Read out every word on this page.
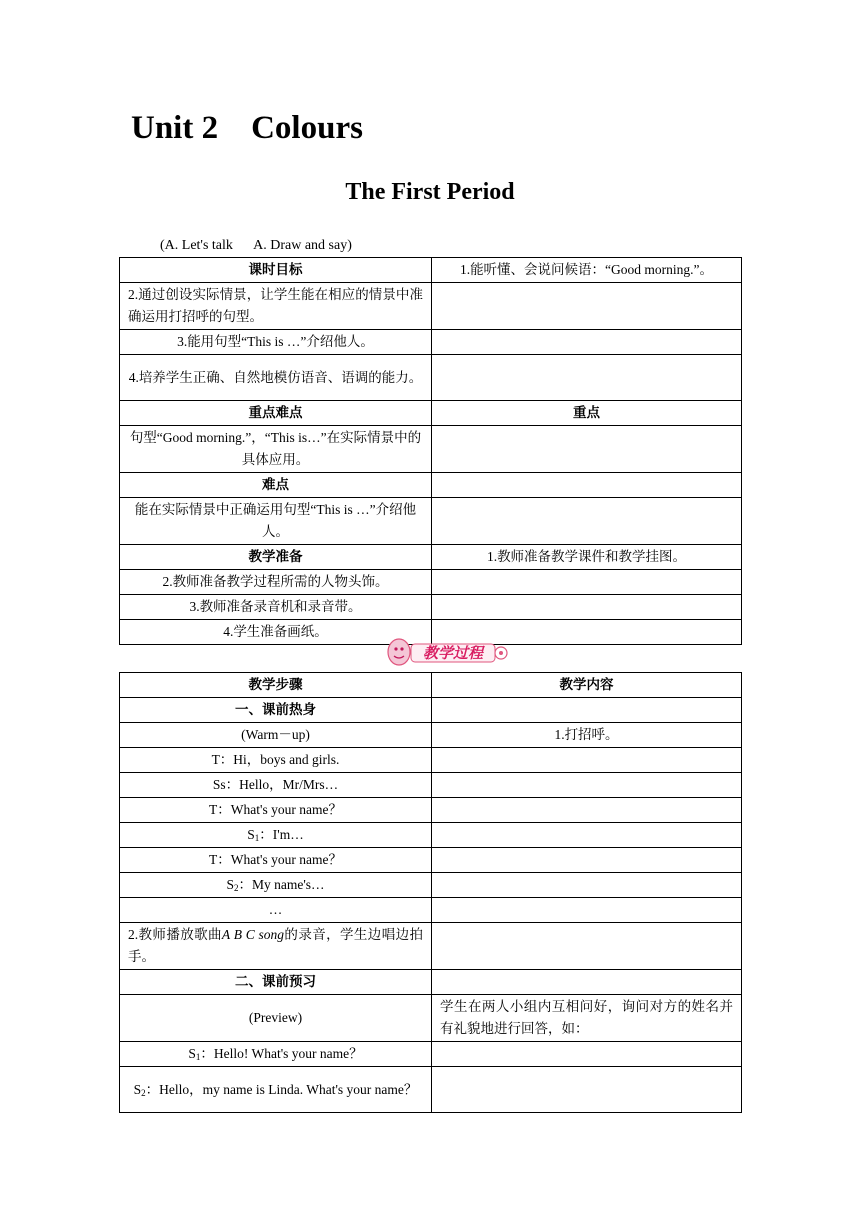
Unit 2    Colours
The First Period
(A. Let's talk      A. Draw and say)
课时目标	1.能听懂、会说问候语：“Good morning.”。
2.通过创设实际情景，让学生能在相应的情景中准确运用打招呼的句型。	
3.能用句型“This is …”介绍他人。	
4.培养学生正确、自然地模仿语音、语调的能力。	
重点难点	重点
句型“Good morning.”，“This is…”在实际情景中的具体应用。	
难点	
能在实际情景中正确运用句型“This is …”介绍他人。	
教学准备	1.教师准备教学课件和教学挂图。
2.教师准备教学过程所需的人物头饰。	
3.教师准备录音机和录音带。	
4.学生准备画纸。	
教学过程
教学步骤	教学内容
一、课前热身	
(Warm－up)	1.打招呼。
T：Hi，boys and girls.	
Ss：Hello，Mr/Mrs…	
T：What's your name？	
$S_1$：I'm…	
T：What's your name？	
$S_2$：My name's…	
…	
2.教师播放歌曲A B C song的录音，学生边唱边拍手。	
二、课前预习	
(Preview)	学生在两人小组内互相问好，询问对方的姓名并有礼貌地进行回答，如：
$S_1$：Hello! What's your name？	
$S_2$：Hello，my name is Linda. What's your name？	
